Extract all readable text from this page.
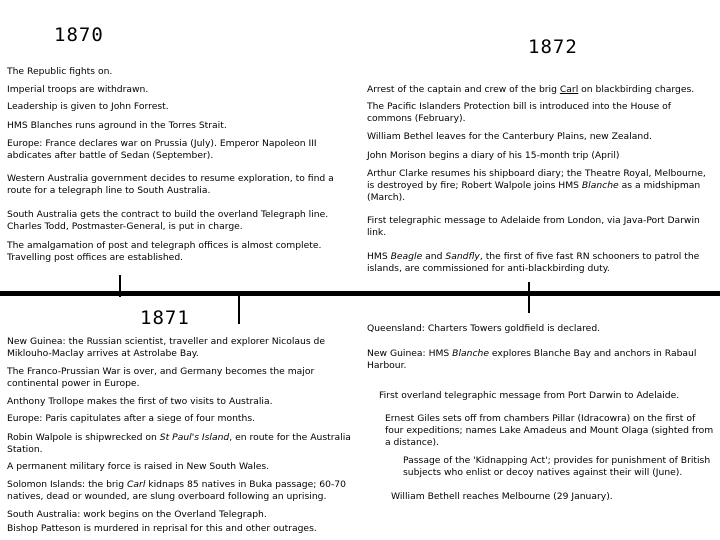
1870
1872
1871
The Republic fights on.
Imperial troops are withdrawn.
Leadership is given to John Forrest.
HMS Blanches runs aground in the Torres Strait.
Europe: France declares war on Prussia (July). Emperor Napoleon III
abdicates after battle of Sedan (September).
Western Australia government decides to resume exploration, to find a
route for a telegraph line to South Australia.
South Australia gets the contract to build the overland Telegraph line.
Charles Todd, Postmaster-General, is put in charge.
The amalgamation of post and telegraph offices is almost complete.
Travelling post offices are established.
Arrest of the captain and crew of the brig Carl on blackbirding charges.
The Pacific Islanders Protection bill is introduced into the House of
commons (February).
William Bethel leaves for the Canterbury Plains, new Zealand.
John Morison begins a diary of his 15-month trip (April)
Arthur Clarke resumes his shipboard diary; the Theatre Royal, Melbourne,
is destroyed by fire; Robert Walpole joins HMS Blanche as a midshipman
(March).
First telegraphic message to Adelaide from London, via Java-Port Darwin
link.
HMS Beagle and Sandfly, the first of five fast RN schooners to patrol the
islands, are commissioned for anti-blackbirding duty.
New Guinea: the Russian scientist, traveller and explorer Nicolaus de
Miklouho-Maclay arrives at Astrolabe Bay.
The Franco-Prussian War is over, and Germany becomes the major
continental power in Europe.
Anthony Trollope makes the first of two visits to Australia.
Europe: Paris capitulates after a siege of four months.
Robin Walpole is shipwrecked on St Paul's Island, en route for the Australia
Station.
A permanent military force is raised in New South Wales.
Solomon Islands: the brig Carl kidnaps 85 natives in Buka passage; 60-70
natives, dead or wounded, are slung overboard following an uprising.
South Australia: work begins on the Overland Telegraph.
Bishop Patteson is murdered in reprisal for this and other outrages.
Queensland: Charters Towers goldfield is declared.
New Guinea: HMS Blanche explores Blanche Bay and anchors in Rabaul
Harbour.
First overland telegraphic message from Port Darwin to Adelaide.
Ernest Giles sets off from chambers Pillar (Idracowra) on the first of
four expeditions; names Lake Amadeus and Mount Olaga (sighted from
a distance).
Passage of the 'Kidnapping Act'; provides for punishment of British
subjects who enlist or decoy natives against their will (June).
William Bethell reaches Melbourne (29 January).
